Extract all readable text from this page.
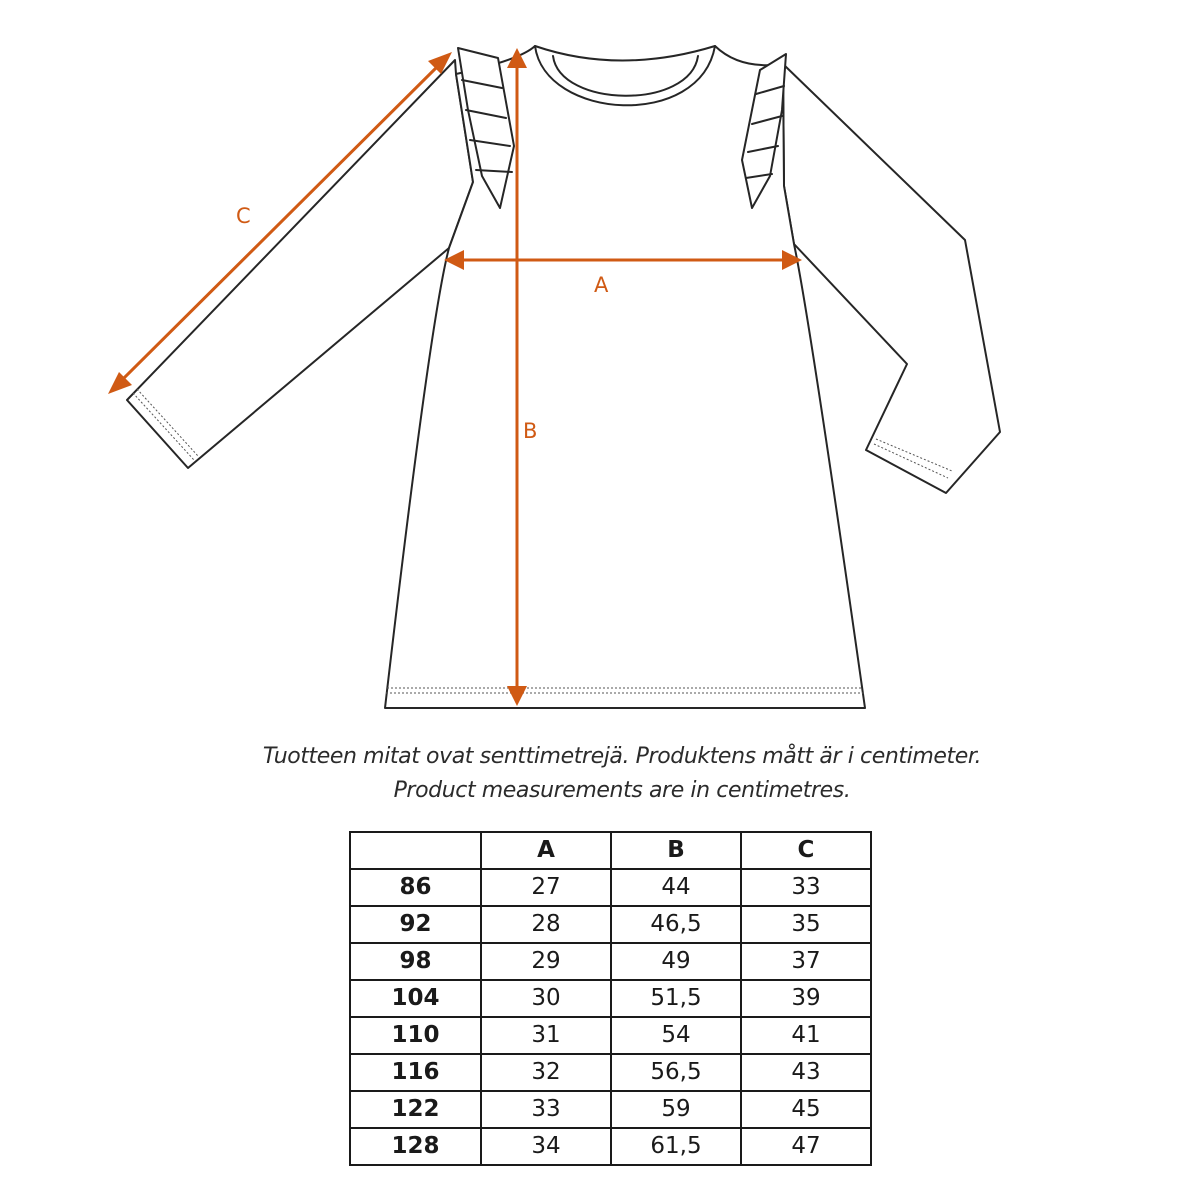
C
A
B

Tuotteen mitat ovat senttimetrejä. Produktens mått är i centimeter.

Product measurements are in centimetres.

	A	B	C
86	27	44	33
92	28	46,5	35
98	29	49	37
104	30	51,5	39
110	31	54	41
116	32	56,5	43
122	33	59	45
128	34	61,5	47
